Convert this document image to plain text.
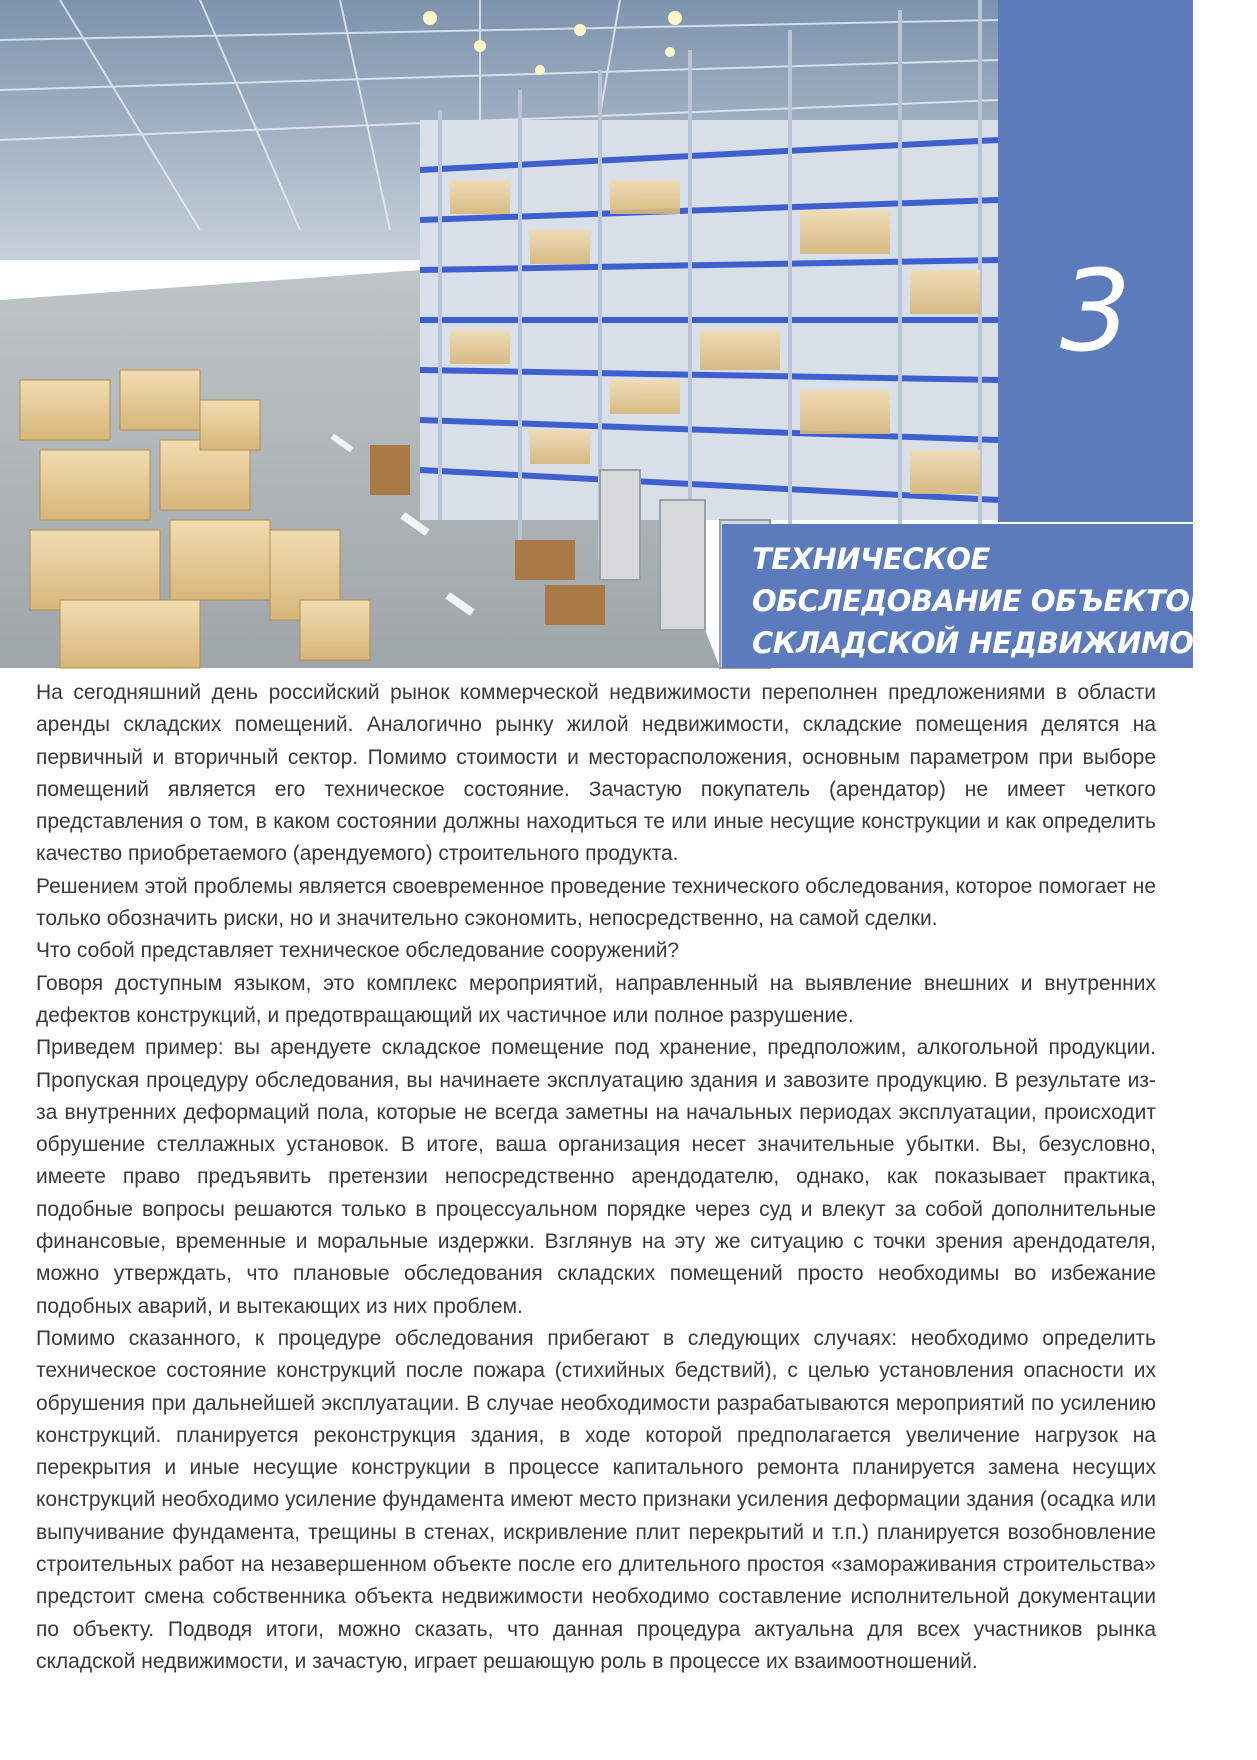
3
ТЕХНИЧЕСКОЕ
ОБСЛЕДОВАНИЕ ОБЪЕКТОВ
СКЛАДСКОЙ НЕДВИЖИМОСТИ

На сегодняшний день российский рынок коммерческой недвижимости переполнен предложениями в области аренды складских помещений. Аналогично рынку жилой недвижимости, складские помещения делятся на первичный и вторичный сектор. Помимо стоимости и месторасположения, основным параметром при выборе помещений является его техническое состояние. Зачастую покупатель (арендатор) не имеет четкого представления о том, в каком состоянии должны находиться те или иные несущие конструкции и как определить качество приобретаемого (арендуемого) строительного продукта.

Решением этой проблемы является своевременное проведение технического обследования, которое помогает не только обозначить риски, но и значительно сэкономить, непосредственно, на самой сделки.

Что собой представляет техническое обследование сооружений?

Говоря доступным языком, это комплекс мероприятий, направленный на выявление внешних и внутренних дефектов конструкций, и предотвращающий их частичное или полное разрушение.

Приведем пример: вы арендуете складское помещение под хранение, предположим, алкогольной продукции. Пропуская процедуру обследования, вы начинаете эксплуатацию здания и завозите продукцию. В результате из-за внутренних деформаций пола, которые не всегда заметны на начальных периодах эксплуатации, происходит обрушение стеллажных установок. В итоге, ваша организация несет значительные убытки. Вы, безусловно, имеете право предъявить претензии непосредственно арендодателю, однако, как показывает практика, подобные вопросы решаются только в процессуальном порядке через суд и влекут за собой дополнительные финансовые, временные и моральные издержки. Взглянув на эту же ситуацию с точки зрения арендодателя, можно утверждать, что плановые обследования складских помещений просто необходимы во избежание подобных аварий, и вытекающих из них проблем.

Помимо сказанного, к процедуре обследования прибегают в следующих случаях: необходимо определить техническое состояние конструкций после пожара (стихийных бедствий), с целью установления опасности их обрушения при дальнейшей эксплуатации. В случае необходимости разрабатываются мероприятий по усилению конструкций. планируется реконструкция здания, в ходе которой предполагается увеличение нагрузок на перекрытия и иные несущие конструкции в процессе капитального ремонта планируется замена несущих конструкций необходимо усиление фундамента имеют место признаки усиления деформации здания (осадка или выпучивание фундамента, трещины в стенах, искривление плит перекрытий и т.п.) планируется возобновление строительных работ на незавершенном объекте после его длительного простоя «замораживания строительства» предстоит смена собственника объекта недвижимости необходимо составление исполнительной документации по объекту. Подводя итоги, можно сказать, что данная процедура актуальна для всех участников рынка складской недвижимости, и зачастую, играет решающую роль в процессе их взаимоотношений.
